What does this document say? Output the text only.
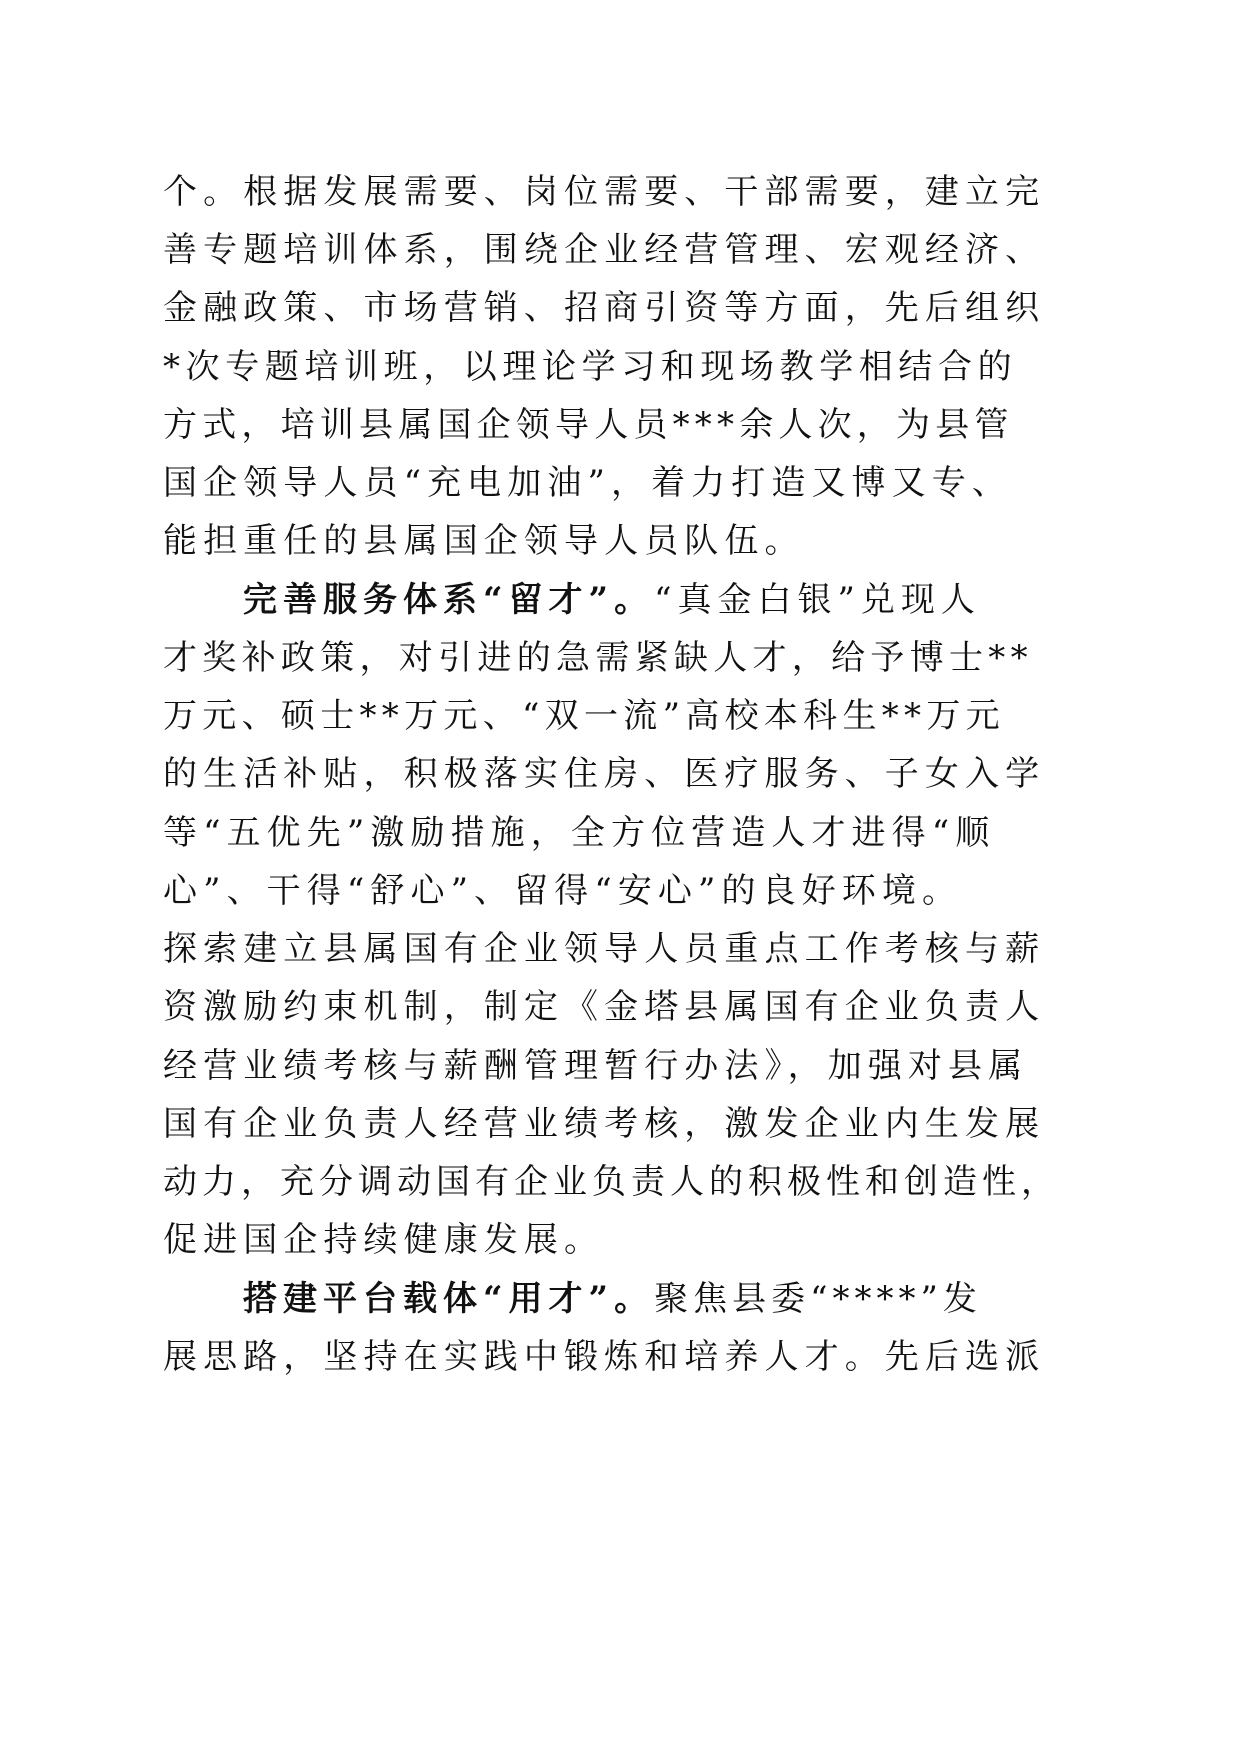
个。根据发展需要、岗位需要、干部需要，建立完
善专题培训体系，围绕企业经营管理、宏观经济、
金融政策、市场营销、招商引资等方面，先后组织
*次专题培训班，以理论学习和现场教学相结合的
方式，培训县属国企领导人员***余人次，为县管
国企领导人员“充电加油”，着力打造又博又专、
能担重任的县属国企领导人员队伍。
完善服务体系“留才”。“真金白银”兑现人
才奖补政策，对引进的急需紧缺人才，给予博士**
万元、硕士**万元、“双一流”高校本科生**万元
的生活补贴，积极落实住房、医疗服务、子女入学
等“五优先”激励措施，全方位营造人才进得“顺
心”、干得“舒心”、留得“安心”的良好环境。
探索建立县属国有企业领导人员重点工作考核与薪
资激励约束机制，制定《金塔县属国有企业负责人
经营业绩考核与薪酬管理暂行办法》，加强对县属
国有企业负责人经营业绩考核，激发企业内生发展
动力，充分调动国有企业负责人的积极性和创造性，
促进国企持续健康发展。
搭建平台载体“用才”。聚焦县委“****”发
展思路，坚持在实践中锻炼和培养人才。先后选派
